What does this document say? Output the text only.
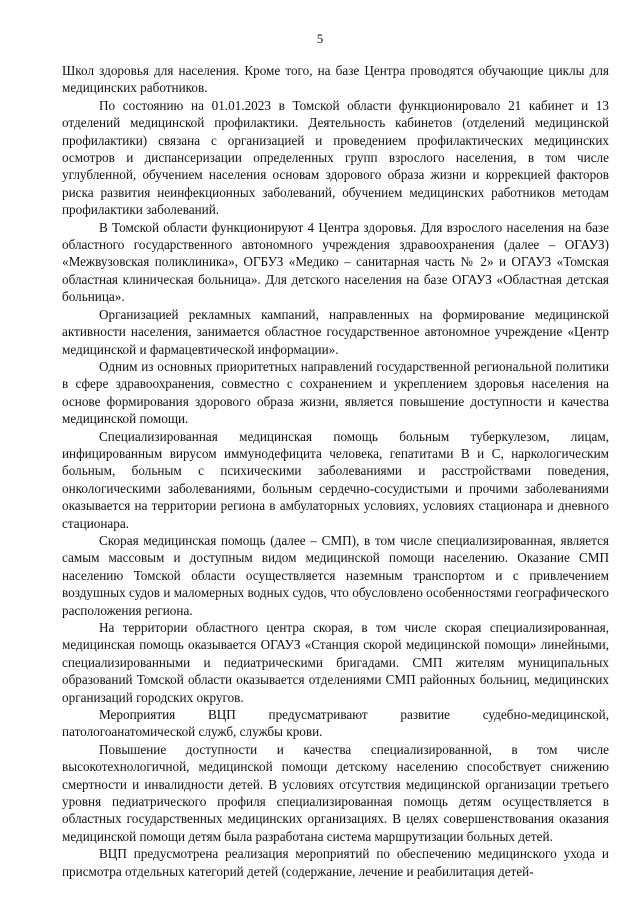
5

Школ здоровья для населения. Кроме того, на базе Центра проводятся обучающие циклы для медицинских работников.

По состоянию на 01.01.2023 в Томской области функционировало 21 кабинет и 13 отделений медицинской профилактики. Деятельность кабинетов (отделений медицинской профилактики) связана с организацией и проведением профилактических медицинских осмотров и диспансеризации определенных групп взрослого населения, в том числе углубленной, обучением населения основам здорового образа жизни и коррекцией факторов риска развития неинфекционных заболеваний, обучением медицинских работников методам профилактики заболеваний.

В Томской области функционируют 4 Центра здоровья. Для взрослого населения на базе областного государственного автономного учреждения здравоохранения (далее – ОГАУЗ) «Межвузовская поликлиника», ОГБУЗ «Медико – санитарная часть № 2» и ОГАУЗ «Томская областная клиническая больница». Для детского населения на базе ОГАУЗ «Областная детская больница».

Организацией рекламных кампаний, направленных на формирование медицинской активности населения, занимается областное государственное автономное учреждение «Центр медицинской и фармацевтической информации».

Одним из основных приоритетных направлений государственной региональной политики в сфере здравоохранения, совместно с сохранением и укреплением здоровья населения на основе формирования здорового образа жизни, является повышение доступности и качества медицинской помощи.

Специализированная медицинская помощь больным туберкулезом, лицам, инфицированным вирусом иммунодефицита человека, гепатитами В и С, наркологическим больным, больным с психическими заболеваниями и расстройствами поведения, онкологическими заболеваниями, больным сердечно-сосудистыми и прочими заболеваниями оказывается на территории региона в амбулаторных условиях, условиях стационара и дневного стационара.

Скорая медицинская помощь (далее – СМП), в том числе специализированная, является самым массовым и доступным видом медицинской помощи населению. Оказание СМП населению Томской области осуществляется наземным транспортом и с привлечением воздушных судов и маломерных водных судов, что обусловлено особенностями географического расположения региона.

На территории областного центра скорая, в том числе скорая специализированная, медицинская помощь оказывается ОГАУЗ «Станция скорой медицинской помощи» линейными, специализированными и педиатрическими бригадами. СМП жителям муниципальных образований Томской области оказывается отделениями СМП районных больниц, медицинских организаций городских округов.

Мероприятия ВЦП предусматривают развитие судебно-медицинской, патологоанатомической служб, службы крови.

Повышение доступности и качества специализированной, в том числе высокотехнологичной, медицинской помощи детскому населению способствует снижению смертности и инвалидности детей. В условиях отсутствия медицинской организации третьего уровня педиатрического профиля специализированная помощь детям осуществляется в областных государственных медицинских организациях. В целях совершенствования оказания медицинской помощи детям была разработана система маршрутизации больных детей.

ВЦП предусмотрена реализация мероприятий по обеспечению медицинского ухода и присмотра отдельных категорий детей (содержание, лечение и реабилитация детей-
